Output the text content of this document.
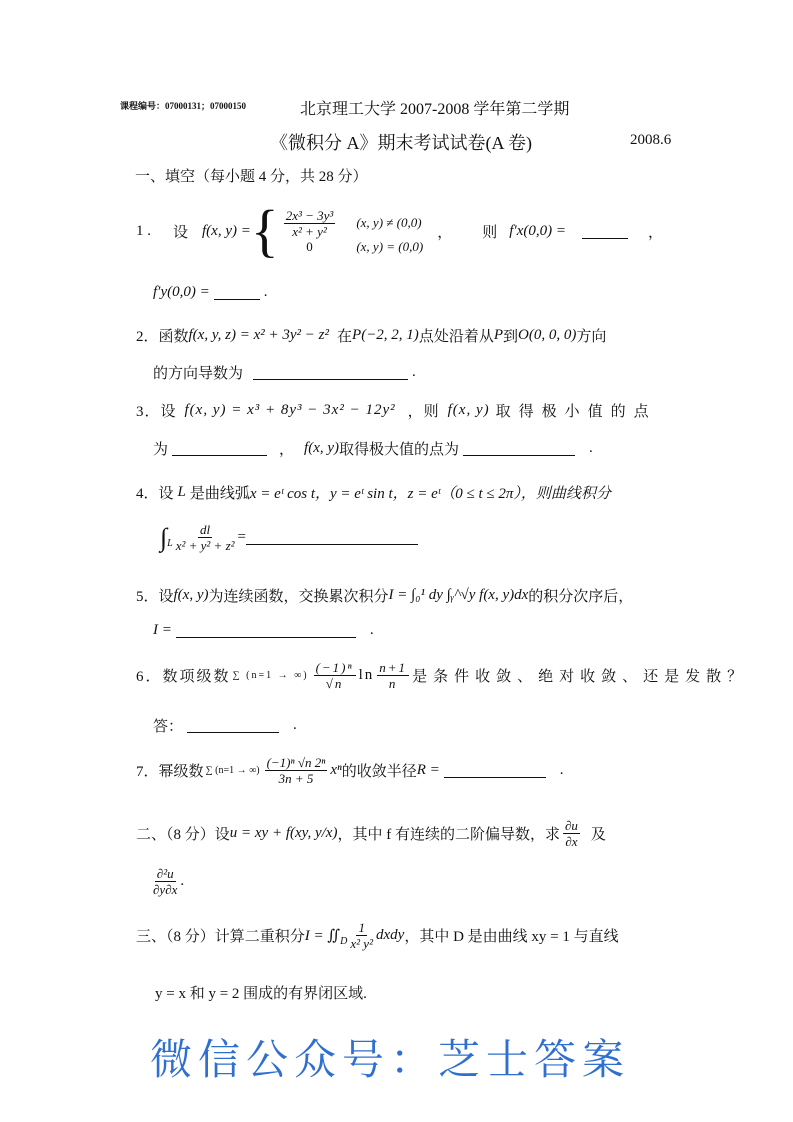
课程编号：07000131；07000150	北京理工大学 2007-2008 学年第二学期
《微积分 A》期末考试试卷(A 卷)	2008.6
一、填空（每小题 4 分，共 28 分）
1 . 设 f(x, y) = { $\frac{\text{2x³ − 3y³}}{\text{x² + y²}} (x$, y) ≠ (0,0)
0	(x, y) = (0,0)
， 则 f′x(0,0) =	，
f′y(0,0) =	.
2．函数 f(x, y, z) = x² + 3y² − z² 在 P(−2, 2, 1) 点处沿着从 P 到 O(0, 0, 0) 方向
的方向导数为	.
3．设 f(x, y) = x³ + 8y³ − 3x² − 12y² ，则 f(x, y) 取得极小值的点
为	， f(x, y) 取得极大值的点为	.
4．设 L 是曲线弧 x = eᵗ cos t，y = eᵗ sin t，z = eᵗ（0 ≤ t ≤ 2π），则曲线积分
∫ L $\frac{dl}{\text{x² + y² + z²}}$ =
5．设 f(x, y) 为连续函数，交换累次积分 I = ∫₀¹ dy ∫ᵧ^√y f(x, y)dx 的积分次序后，
I =	.
6．数项级数 ∑ (n=1 → ∞) $\frac{\text{(−1)ⁿ}}{√n}$ $\ln \frac{n+1}{n}$ 是条件收敛、绝对收敛、还是发散？
答：	.
7．幂级数 ∑ (n=1 → ∞) $\frac{\text{(−1)ⁿ √n 2ⁿ}}{3n + 5}$ xⁿ 的收敛半径 R =	.
二、（8 分）设 u = xy + f(xy, y/x) ，其中 f 有连续的二阶偏导数，求 $\frac{\partial u}{\partial x}$ 及
$\frac{\text{∂²u}}{\partial y\partial x}$ .
三、（8 分）计算二重积分 I = ∬ D $\frac{1}{\text{x² y²}}$ dxdy ，其中 D 是由曲线 xy = 1 与直线
y = x 和 y = 2 围成的有界闭区域.
微信公众号：芝士答案
